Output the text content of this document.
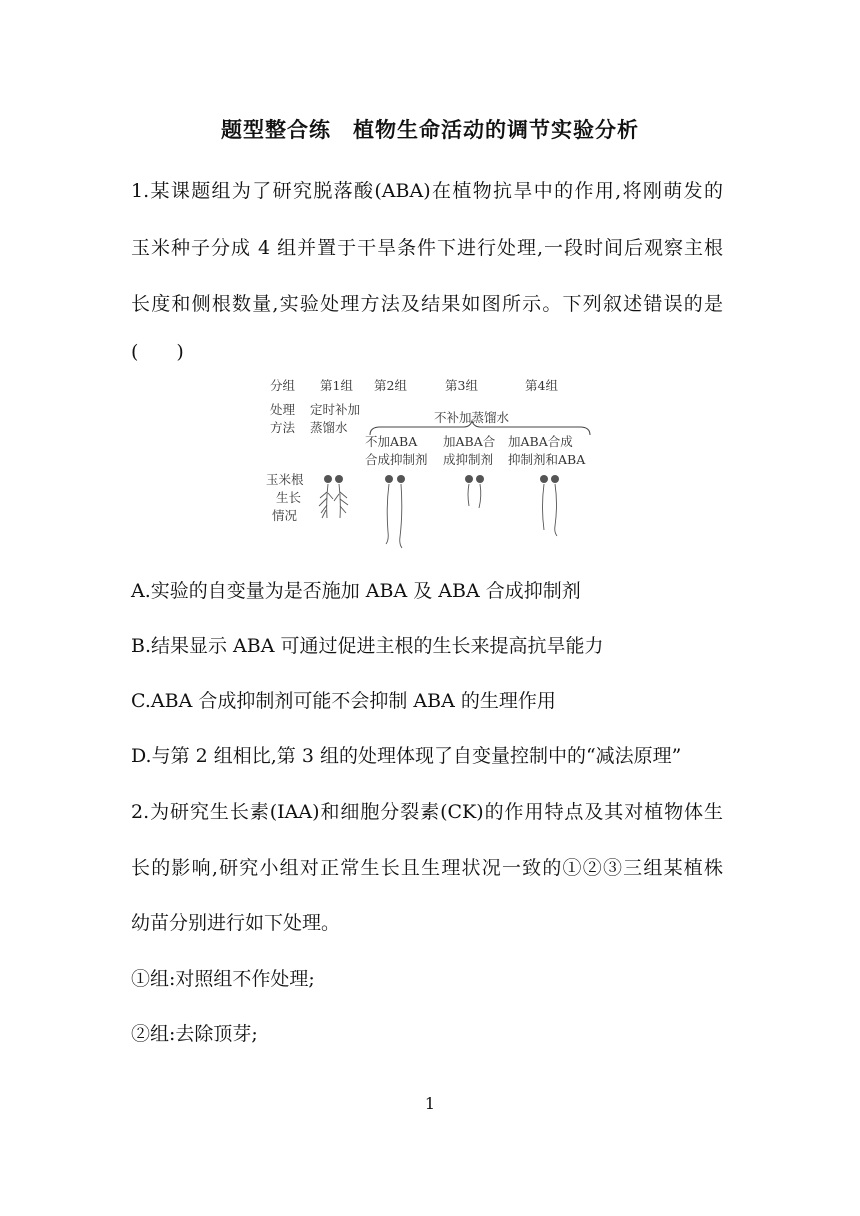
题型整合练　植物生命活动的调节实验分析
1.某课题组为了研究脱落酸(ABA)在植物抗旱中的作用,将刚萌发的
玉米种子分成 4 组并置于干旱条件下进行处理,一段时间后观察主根
长度和侧根数量,实验处理方法及结果如图所示。下列叙述错误的是
(　　)
分组 第1组 第2组	第3组	第4组
处理
方法
定时补加
蒸馏水
不补加蒸馏水
不加ABA
合成抑制剂
加ABA合
成抑制剂
加ABA合成
抑制剂和ABA
玉米根
生长
情况
A.实验的自变量为是否施加 ABA 及 ABA 合成抑制剂
B.结果显示 ABA 可通过促进主根的生长来提高抗旱能力
C.ABA 合成抑制剂可能不会抑制 ABA 的生理作用
D.与第 2 组相比,第 3 组的处理体现了自变量控制中的“减法原理”
2.为研究生长素(IAA)和细胞分裂素(CK)的作用特点及其对植物体生
长的影响,研究小组对正常生长且生理状况一致的①②③三组某植株
幼苗分别进行如下处理。
①组:对照组不作处理;
②组:去除顶芽;
1
